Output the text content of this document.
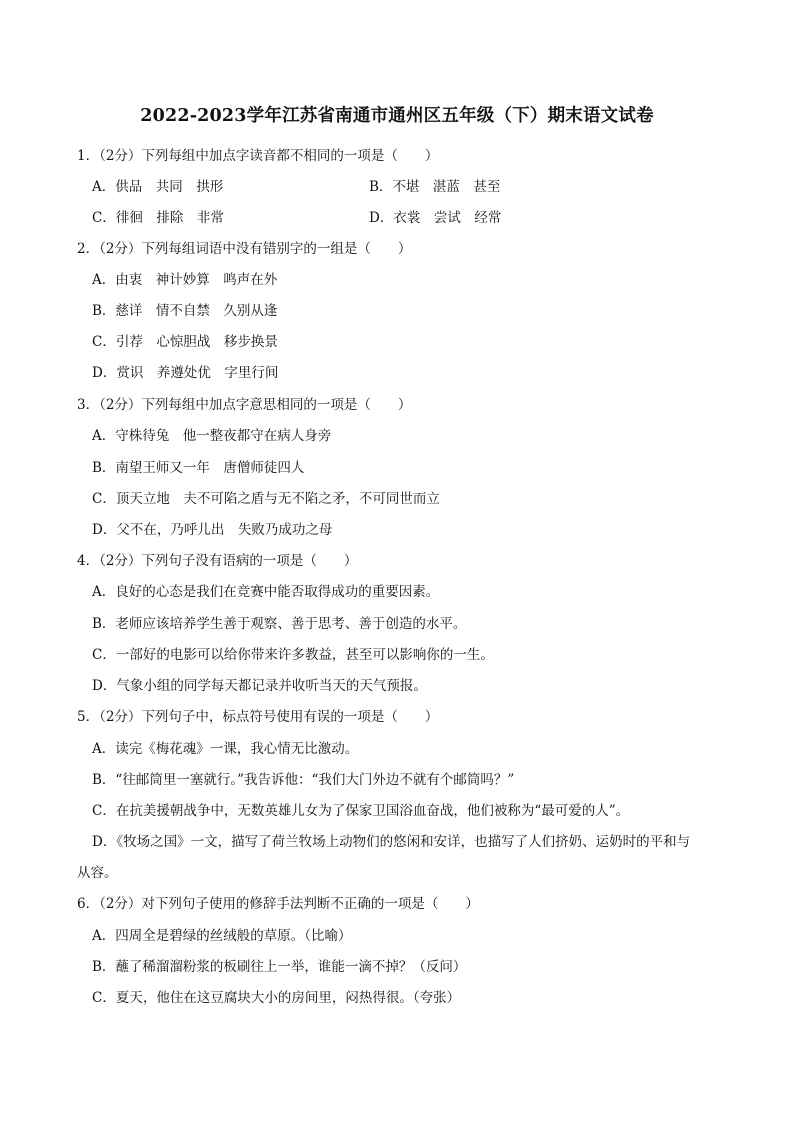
2022-2023学年江苏省南通市通州区五年级（下）期末语文试卷
1．（2分）下列每组中加点字读音都不相同的一项是（　　）
A．供品　共同　拱形	B．不堪　湛蓝　甚至
C．徘徊　排除　非常	D．衣裳　尝试　经常
2．（2分）下列每组词语中没有错别字的一组是（　　）
A．由衷　神计妙算　鸣声在外
B．慈详　情不自禁　久别从逢
C．引荐　心惊胆战　移步换景
D．赏识　养遵处优　字里行间
3．（2分）下列每组中加点字意思相同的一项是（　　）
A．守株待兔　他一整夜都守在病人身旁
B．南望王师又一年　唐僧师徒四人
C．顶天立地　夫不可陷之盾与无不陷之矛，不可同世而立
D．父不在，乃呼儿出　失败乃成功之母
4．（2分）下列句子没有语病的一项是（　　）
A．良好的心态是我们在竞赛中能否取得成功的重要因素。
B．老师应该培养学生善于观察、善于思考、善于创造的水平。
C．一部好的电影可以给你带来许多教益，甚至可以影响你的一生。
D．气象小组的同学每天都记录并收听当天的天气预报。
5．（2分）下列句子中，标点符号使用有误的一项是（　　）
A．读完《梅花魂》一课，我心情无比激动。
B．“往邮筒里一塞就行。”我告诉他：“我们大门外边不就有个邮筒吗？”
C．在抗美援朝战争中，无数英雄儿女为了保家卫国浴血奋战，他们被称为“最可爱的人”。
D．《牧场之国》一文，描写了荷兰牧场上动物们的悠闲和安详，也描写了人们挤奶、运奶时的平和与
从容。
6．（2分）对下列句子使用的修辞手法判断不正确的一项是（　　）
A．四周全是碧绿的丝绒般的草原。（比喻）
B．蘸了稀溜溜粉浆的板刷往上一举，谁能一滴不掉？（反问）
C．夏天，他住在这豆腐块大小的房间里，闷热得很。（夸张）
